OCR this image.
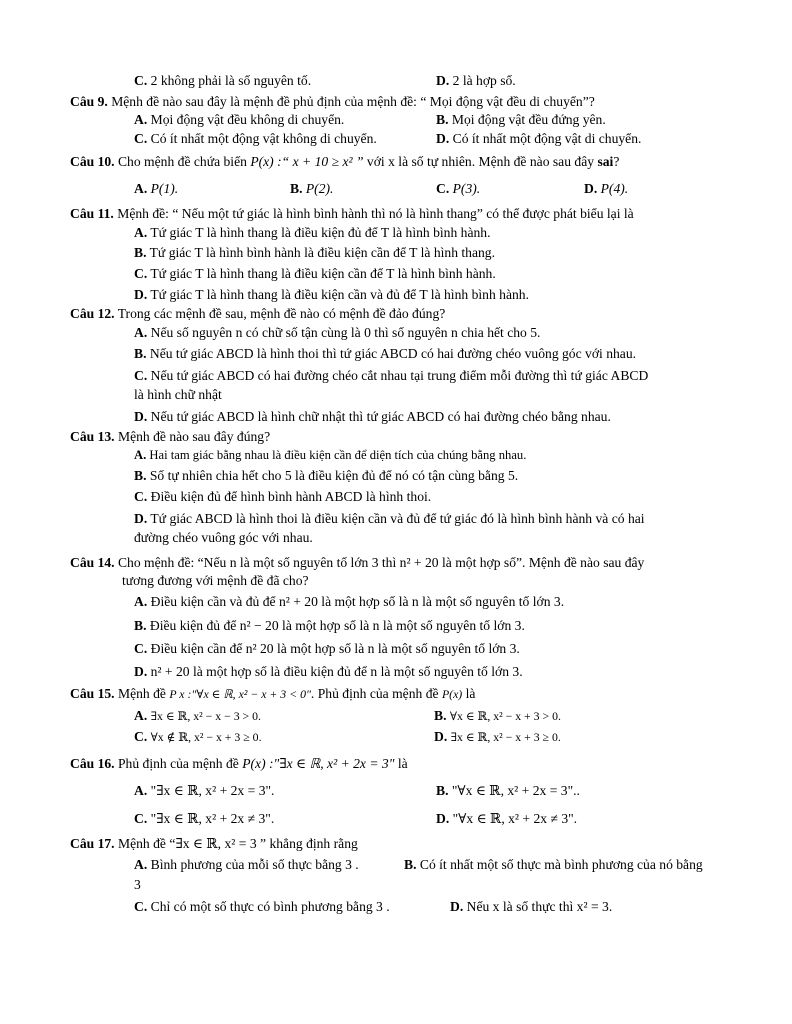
C. 2 không phải là số nguyên tố.	D. 2 là hợp số.
Câu 9. Mệnh đề nào sau đây là mệnh đề phủ định của mệnh đề: “ Mọi động vật đều di chuyển”?
A. Mọi động vật đều không di chuyển.	B. Mọi động vật đều đứng yên.
C. Có ít nhất một động vật không di chuyển.	D. Có ít nhất một động vật di chuyển.
Câu 10. Cho mệnh đề chứa biến P(x) :“ x + 10 ≥ x² ” với x là số tự nhiên. Mệnh đề nào sau đây sai?
A. P(1).	B. P(2).	C. P(3).	D. P(4).
Câu 11. Mệnh đề: “ Nếu một tứ giác là hình bình hành thì nó là hình thang” có thể được phát biểu lại là
A. Tứ giác T là hình thang là điều kiện đủ để T là hình bình hành.
B. Tứ giác T là hình bình hành là điều kiện cần để T là hình thang.
C. Tứ giác T là hình thang là điều kiện cần để T là hình bình hành.
D. Tứ giác T là hình thang là điều kiện cần và đủ để T là hình bình hành.
Câu 12. Trong các mệnh đề sau, mệnh đề nào có mệnh đề đảo đúng?
A. Nếu số nguyên n có chữ số tận cùng là 0 thì số nguyên n chia hết cho 5.
B. Nếu tứ giác ABCD là hình thoi thì tứ giác ABCD có hai đường chéo vuông góc với nhau.
C. Nếu tứ giác ABCD có hai đường chéo cắt nhau tại trung điểm mỗi đường thì tứ giác ABCD
là hình chữ nhật
D. Nếu tứ giác ABCD là hình chữ nhật thì tứ giác ABCD có hai đường chéo bằng nhau.
Câu 13. Mệnh đề nào sau đây đúng?
A. Hai tam giác bằng nhau là điều kiện cần để diện tích của chúng bằng nhau.
B. Số tự nhiên chia hết cho 5 là điều kiện đủ để nó có tận cùng bằng 5.
C. Điều kiện đủ để hình bình hành ABCD là hình thoi.
D. Tứ giác ABCD là hình thoi là điều kiện cần và đủ để tứ giác đó là hình bình hành và có hai
đường chéo vuông góc với nhau.
Câu 14. Cho mệnh đề: “Nếu n là một số nguyên tố lớn 3 thì n² + 20 là một hợp số”. Mệnh đề nào sau đây
tương đương với mệnh đề đã cho?
A. Điều kiện cần và đủ để n² + 20 là một hợp số là n là một số nguyên tố lớn 3.
B. Điều kiện đủ để n² − 20 là một hợp số là n là một số nguyên tố lớn 3.
C. Điều kiện cần để n² 20 là một hợp số là n là một số nguyên tố lớn 3.
D. n² + 20 là một hợp số là điều kiện đủ để n là một số nguyên tố lớn 3.
Câu 15. Mệnh đề P x :"∀x ∈ ℝ, x² − x + 3 < 0". Phủ định của mệnh đề P(x) là
A. ∃x ∈ ℝ, x² − x − 3 > 0.	B. ∀x ∈ ℝ, x² − x + 3 > 0.
C. ∀x ∉ ℝ, x² − x + 3 ≥ 0.	D. ∃x ∈ ℝ, x² − x + 3 ≥ 0.
Câu 16. Phủ định của mệnh đề P(x) :"∃x ∈ ℝ, x² + 2x = 3" là
A. "∃x ∈ ℝ, x² + 2x = 3".	B. "∀x ∈ ℝ, x² + 2x = 3"..
C. "∃x ∈ ℝ, x² + 2x ≠ 3".	D. "∀x ∈ ℝ, x² + 2x ≠ 3".
Câu 17. Mệnh đề “∃x ∈ ℝ, x² = 3 ” khẳng định rằng
A. Bình phương của mỗi số thực bằng 3 .	B. Có ít nhất một số thực mà bình phương của nó bằng
3
C. Chỉ có một số thực có bình phương bằng 3 .	D. Nếu x là số thực thì x² = 3.
